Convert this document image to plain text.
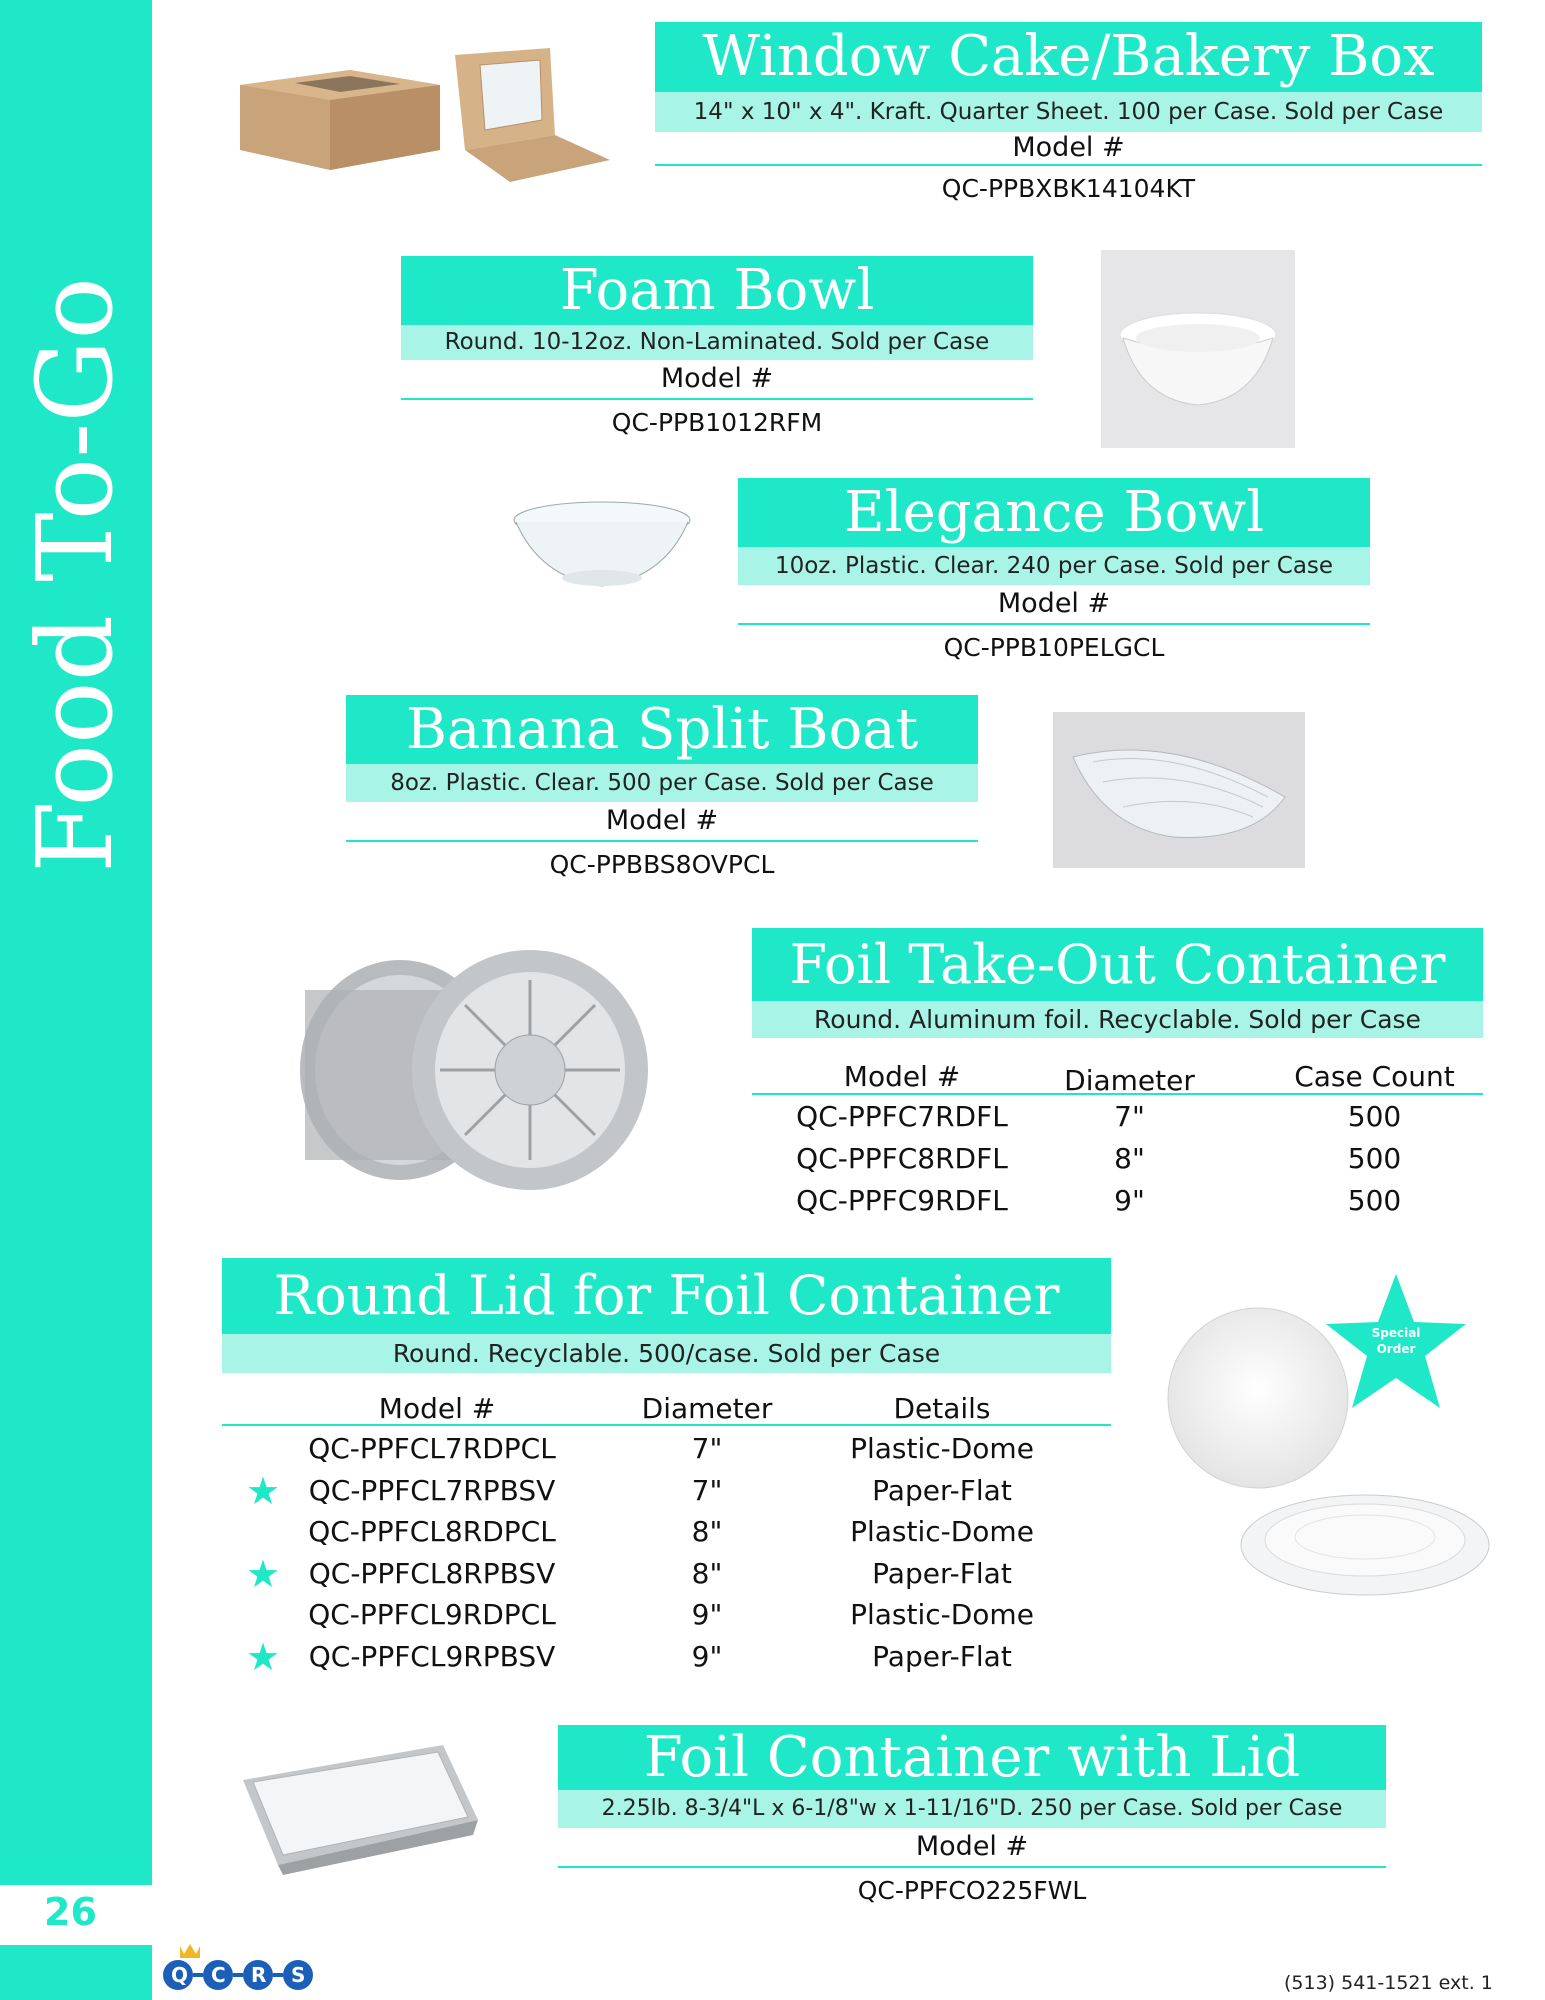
Food To-Go
26
Window Cake/Bakery Box
14" x 10" x 4". Kraft. Quarter Sheet. 100 per Case. Sold per Case
Model #
QC-PPBXBK14104KT
Foam Bowl
Round. 10-12oz. Non-Laminated. Sold per Case
Model #
QC-PPB1012RFM
Elegance Bowl
10oz. Plastic. Clear. 240 per Case. Sold per Case
Model #
QC-PPB10PELGCL
Banana Split Boat
8oz. Plastic. Clear. 500 per Case. Sold per Case
Model #
QC-PPBBS8OVPCL
Foil Take-Out Container
Round. Aluminum foil. Recyclable. Sold per Case
Model #	Diameter	Case Count
QC-PPFC7RDFL	7"	500
QC-PPFC8RDFL	8"	500
QC-PPFC9RDFL	9"	500
Round Lid for Foil Container
Round. Recyclable. 500/case. Sold per Case
Model #	Diameter	Details
QC-PPFCL7RDPCL	7"	Plastic-Dome
★	QC-PPFCL7RPBSV	7"	Paper-Flat
QC-PPFCL8RDPCL	8"	Plastic-Dome
★	QC-PPFCL8RPBSV	8"	Paper-Flat
QC-PPFCL9RDPCL	9"	Plastic-Dome
★	QC-PPFCL9RPBSV	9"	Paper-Flat
Special Order
Foil Container with Lid
2.25lb. 8-3/4"L x 6-1/8"w x 1-11/16"D. 250 per Case. Sold per Case
Model #
QC-PPFCO225FWL
Q C R S	(513) 541-1521 ext. 1
